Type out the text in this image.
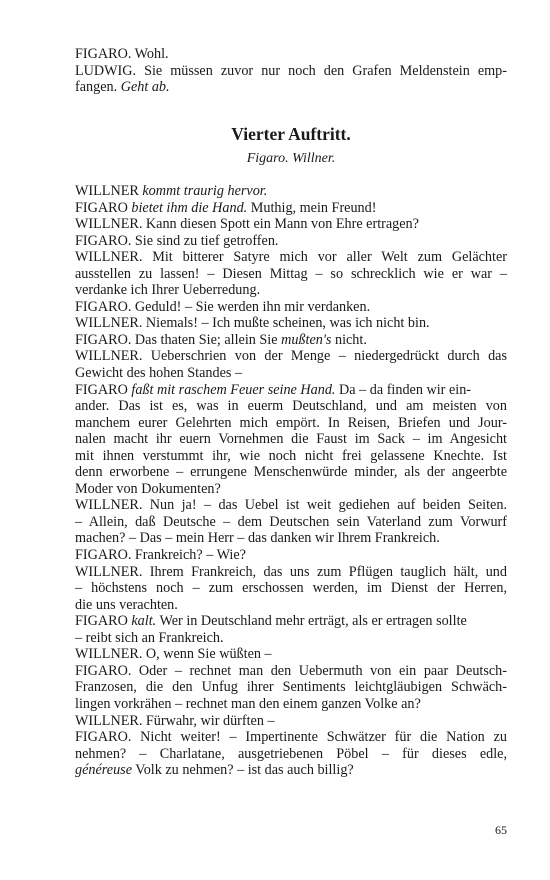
FIGARO. Wohl.
LUDWIG. Sie müssen zuvor nur noch den Grafen Meldenstein emp-
fangen. Geht ab.
Vierter Auftritt.
Figaro. Willner.
WILLNER kommt traurig hervor.
FIGARO bietet ihm die Hand. Muthig, mein Freund!
WILLNER. Kann diesen Spott ein Mann von Ehre ertragen?
FIGARO. Sie sind zu tief getroffen.
WILLNER. Mit bitterer Satyre mich vor aller Welt zum Gelächter
ausstellen zu lassen! – Diesen Mittag – so schrecklich wie er war –
verdanke ich Ihrer Ueberredung.
FIGARO. Geduld! – Sie werden ihn mir verdanken.
WILLNER. Niemals! – Ich mußte scheinen, was ich nicht bin.
FIGARO. Das thaten Sie; allein Sie mußten's nicht.
WILLNER. Ueberschrien von der Menge – niedergedrückt durch das
Gewicht des hohen Standes –
FIGARO faßt mit raschem Feuer seine Hand. Da – da finden wir ein-
ander. Das ist es, was in euerm Deutschland, und am meisten von
manchem eurer Gelehrten mich empört. In Reisen, Briefen und Jour-
nalen macht ihr euern Vornehmen die Faust im Sack – im Angesicht
mit ihnen verstummt ihr, wie noch nicht frei gelassene Knechte. Ist
denn erworbene – errungene Menschenwürde minder, als der angeerbte
Moder von Dokumenten?
WILLNER. Nun ja! – das Uebel ist weit gediehen auf beiden Seiten.
– Allein, daß Deutsche – dem Deutschen sein Vaterland zum Vorwurf
machen? – Das – mein Herr – das danken wir Ihrem Frankreich.
FIGARO. Frankreich? – Wie?
WILLNER. Ihrem Frankreich, das uns zum Pflügen tauglich hält, und
– höchstens noch – zum erschossen werden, im Dienst der Herren,
die uns verachten.
FIGARO kalt. Wer in Deutschland mehr erträgt, als er ertragen sollte
– reibt sich an Frankreich.
WILLNER. O, wenn Sie wüßten –
FIGARO. Oder – rechnet man den Uebermuth von ein paar Deutsch-
Franzosen, die den Unfug ihrer Sentiments leichtgläubigen Schwäch-
lingen vorkrähen – rechnet man den einem ganzen Volke an?
WILLNER. Fürwahr, wir dürften –
FIGARO. Nicht weiter! – Impertinente Schwätzer für die Nation zu
nehmen? – Charlatane, ausgetriebenen Pöbel – für dieses edle,
généreuse Volk zu nehmen? – ist das auch billig?
65
